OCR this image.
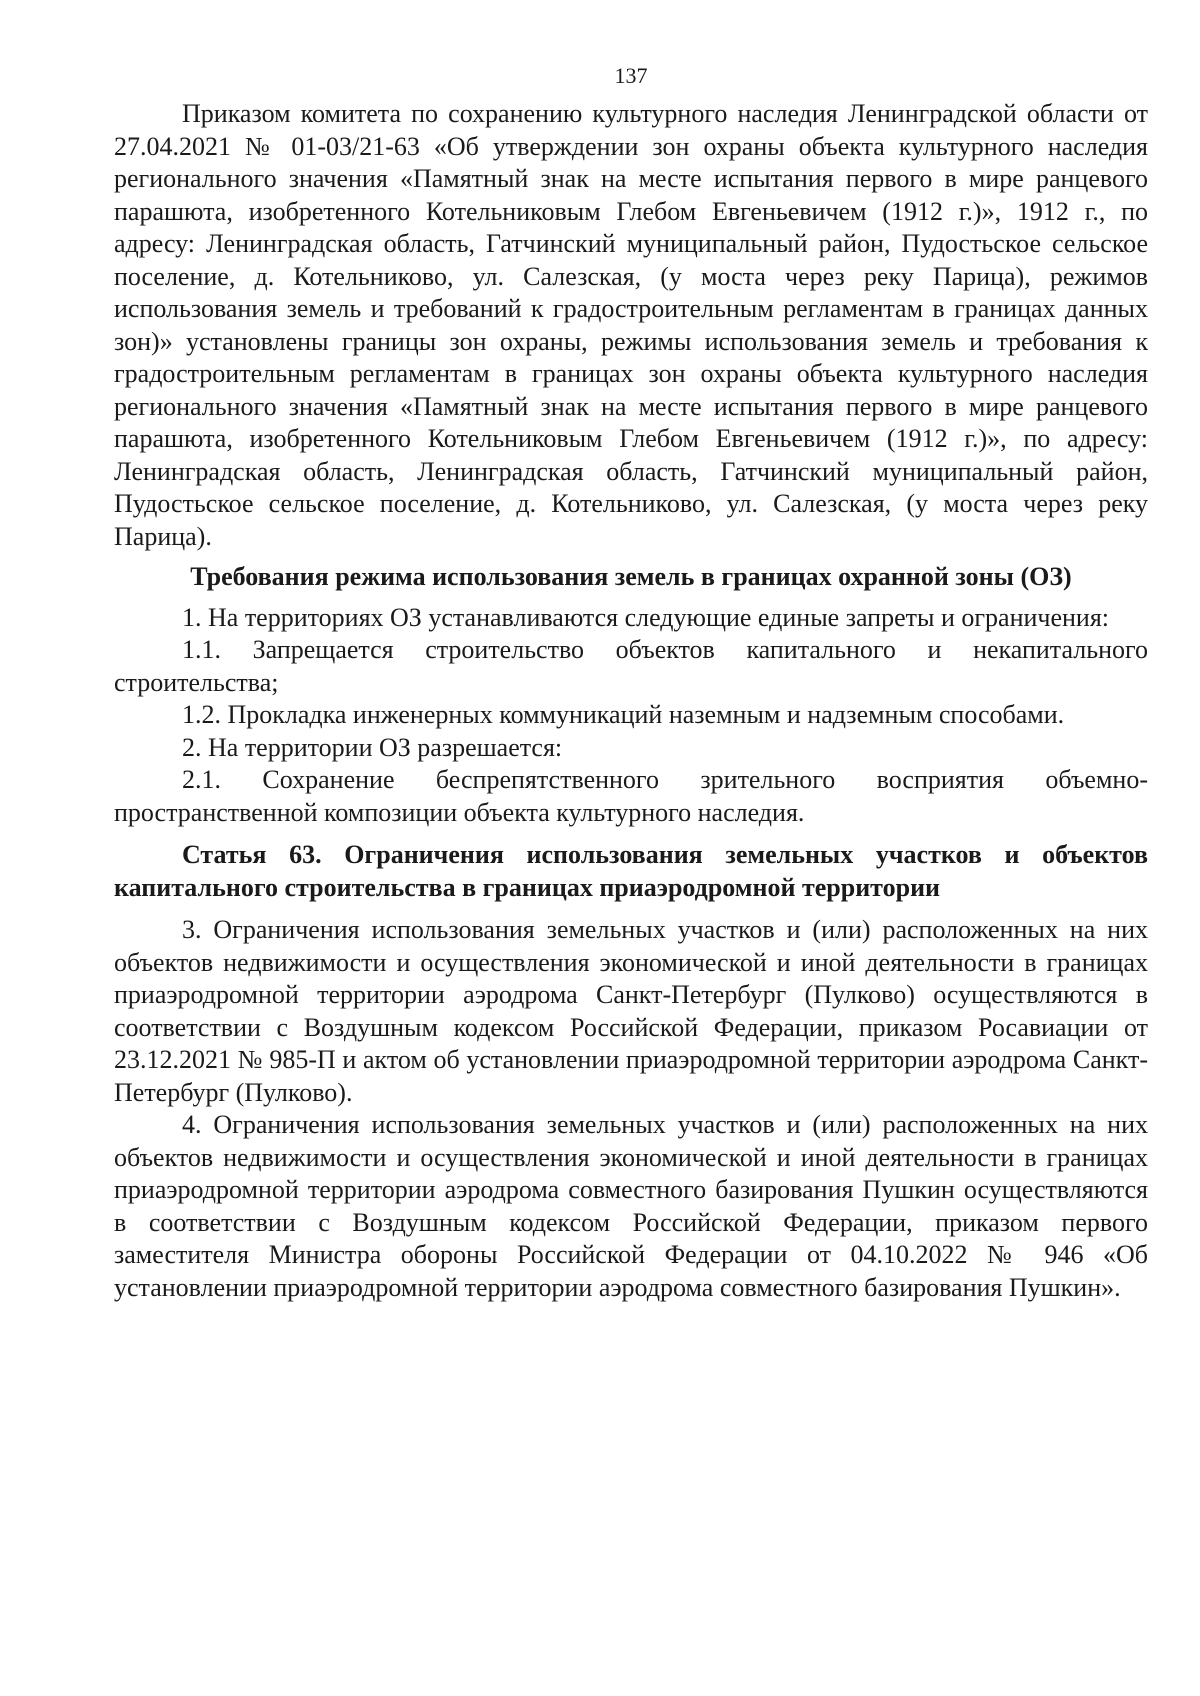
137

Приказом комитета по сохранению культурного наследия Ленинградской области от 27.04.2021 № 01-03/21-63 «Об утверждении зон охраны объекта культурного наследия регионального значения «Памятный знак на месте испытания первого в мире ранцевого парашюта, изобретенного Котельниковым Глебом Евгеньевичем (1912 г.)», 1912 г., по адресу: Ленинградская область, Гатчинский муниципальный район, Пудостьское сельское поселение, д. Котельниково, ул. Салезская, (у моста через реку Парица), режимов использования земель и требований к градостроительным регламентам в границах данных зон)» установлены границы зон охраны, режимы использования земель и требования к градостроительным регламентам в границах зон охраны объекта культурного наследия регионального значения «Памятный знак на месте испытания первого в мире ранцевого парашюта, изобретенного Котельниковым Глебом Евгеньевичем (1912 г.)», по адресу: Ленинградская область, Ленинградская область, Гатчинский муниципальный район, Пудостьское сельское поселение, д. Котельниково, ул. Салезская, (у моста через реку Парица).

Требования режима использования земель в границах охранной зоны (ОЗ)

1. На территориях ОЗ устанавливаются следующие единые запреты и ограничения:

1.1. Запрещается строительство объектов капитального и некапитального строительства;

1.2. Прокладка инженерных коммуникаций наземным и надземным способами.

2. На территории ОЗ разрешается:

2.1. Сохранение беспрепятственного зрительного восприятия объемно-пространственной композиции объекта культурного наследия.

Статья 63. Ограничения использования земельных участков и объектов капитального строительства в границах приаэродромной территории

3. Ограничения использования земельных участков и (или) расположенных на них объектов недвижимости и осуществления экономической и иной деятельности в границах приаэродромной территории аэродрома Санкт-Петербург (Пулково) осуществляются в соответствии с Воздушным кодексом Российской Федерации, приказом Росавиации от 23.12.2021 № 985-П и актом об установлении приаэродромной территории аэродрома Санкт-Петербург (Пулково).

4. Ограничения использования земельных участков и (или) расположенных на них объектов недвижимости и осуществления экономической и иной деятельности в границах приаэродромной территории аэродрома совместного базирования Пушкин осуществляются в соответствии с Воздушным кодексом Российской Федерации, приказом первого заместителя Министра обороны Российской Федерации от 04.10.2022 № 946 «Об установлении приаэродромной территории аэродрома совместного базирования Пушкин».
